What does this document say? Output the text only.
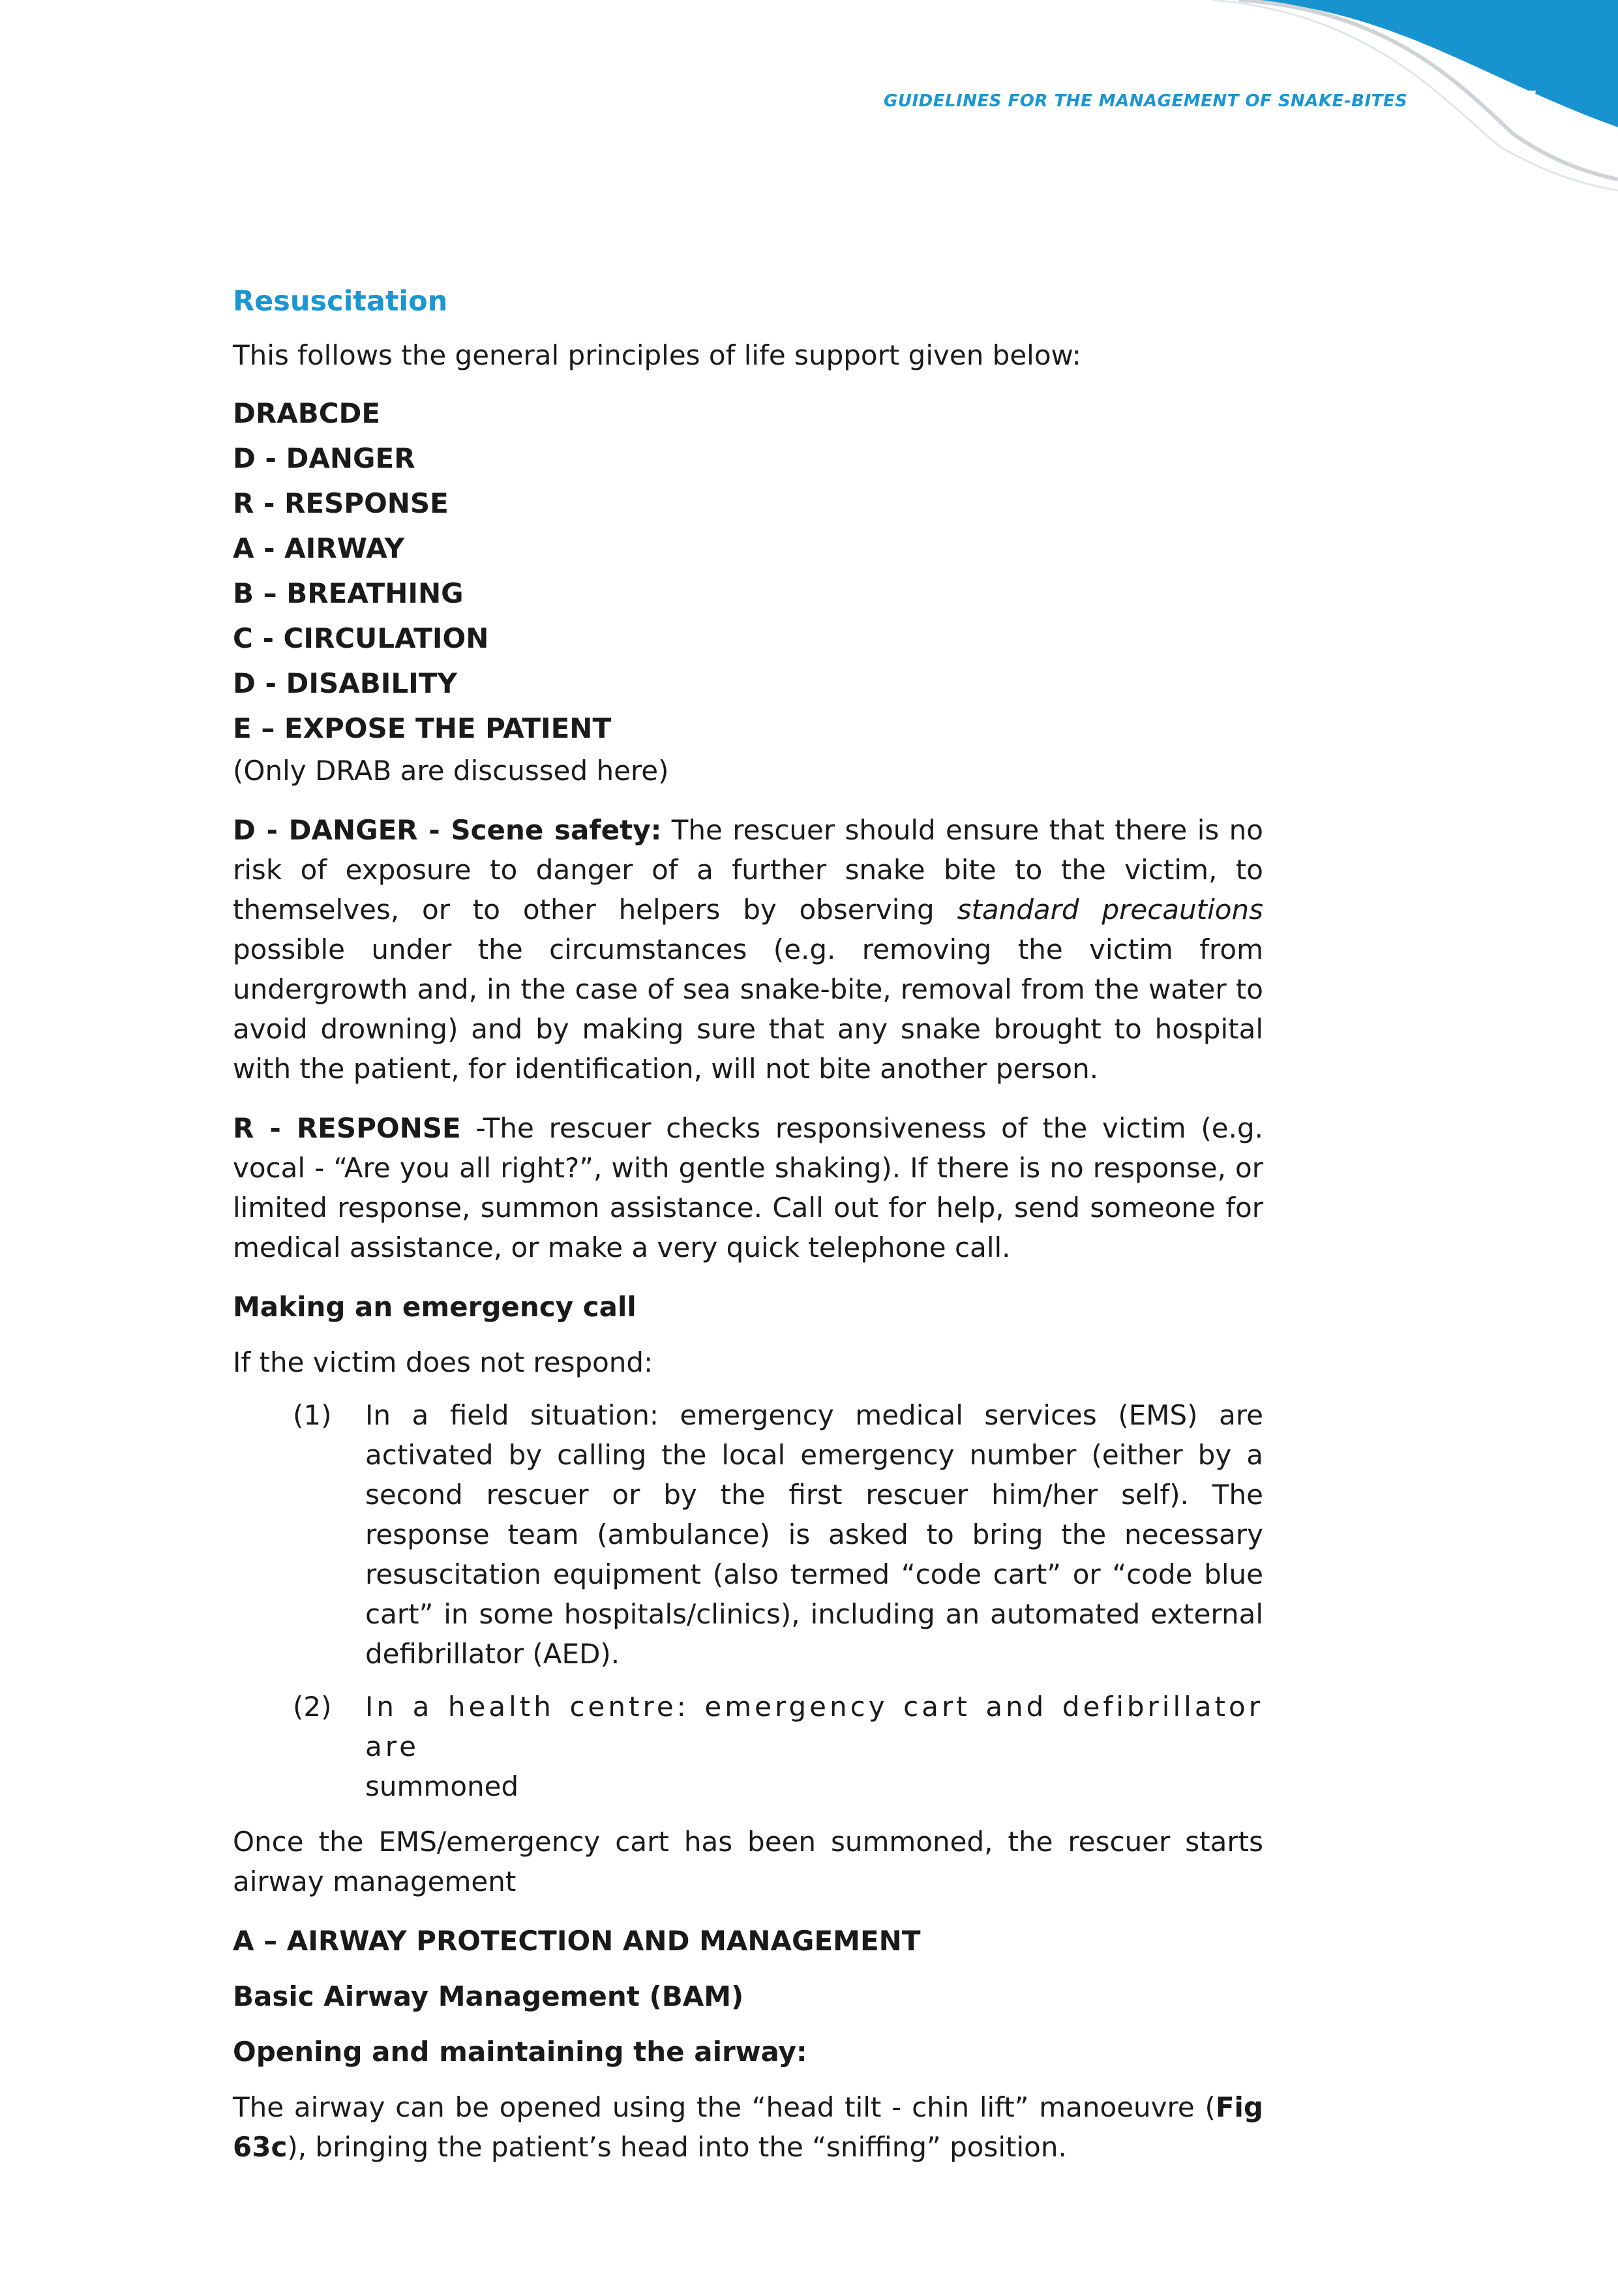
GUIDELINES FOR THE MANAGEMENT OF SNAKE-BITES	97

Resuscitation

This follows the general principles of life support given below:

DRABCDE

D - DANGER

R - RESPONSE

A - AIRWAY

B – BREATHING

C - CIRCULATION

D - DISABILITY

E – EXPOSE THE PATIENT

(Only DRAB are discussed here)

D - DANGER - Scene safety: The rescuer should ensure that there is no risk of exposure to danger of a further snake bite to the victim, to themselves, or to other helpers by observing standard precautions possible under the circumstances (e.g. removing the victim from undergrowth and, in the case of sea snake-bite, removal from the water to avoid drowning) and by making sure that any snake brought to hospital with the patient, for identification, will not bite another person.

R - RESPONSE -The rescuer checks responsiveness of the victim (e.g. vocal - “Are you all right?”, with gentle shaking). If there is no response, or limited response, summon assistance. Call out for help, send someone for medical assistance, or make a very quick telephone call.

Making an emergency call

If the victim does not respond:

(1)	In a field situation: emergency medical services (EMS) are activated by calling the local emergency number (either by a second rescuer or by the first rescuer him/her self). The response team (ambulance) is asked to bring the necessary resuscitation equipment (also termed “code cart” or “code blue cart” in some hospitals/clinics), including an automated external defibrillator (AED).
(2)	In a health centre: emergency cart and defibrillator are
summoned

Once the EMS/emergency cart has been summoned, the rescuer starts airway management

A – AIRWAY PROTECTION AND MANAGEMENT

Basic Airway Management (BAM)

Opening and maintaining the airway:

The airway can be opened using the “head tilt - chin lift” manoeuvre (Fig 63c), bringing the patient’s head into the “sniffing” position.
